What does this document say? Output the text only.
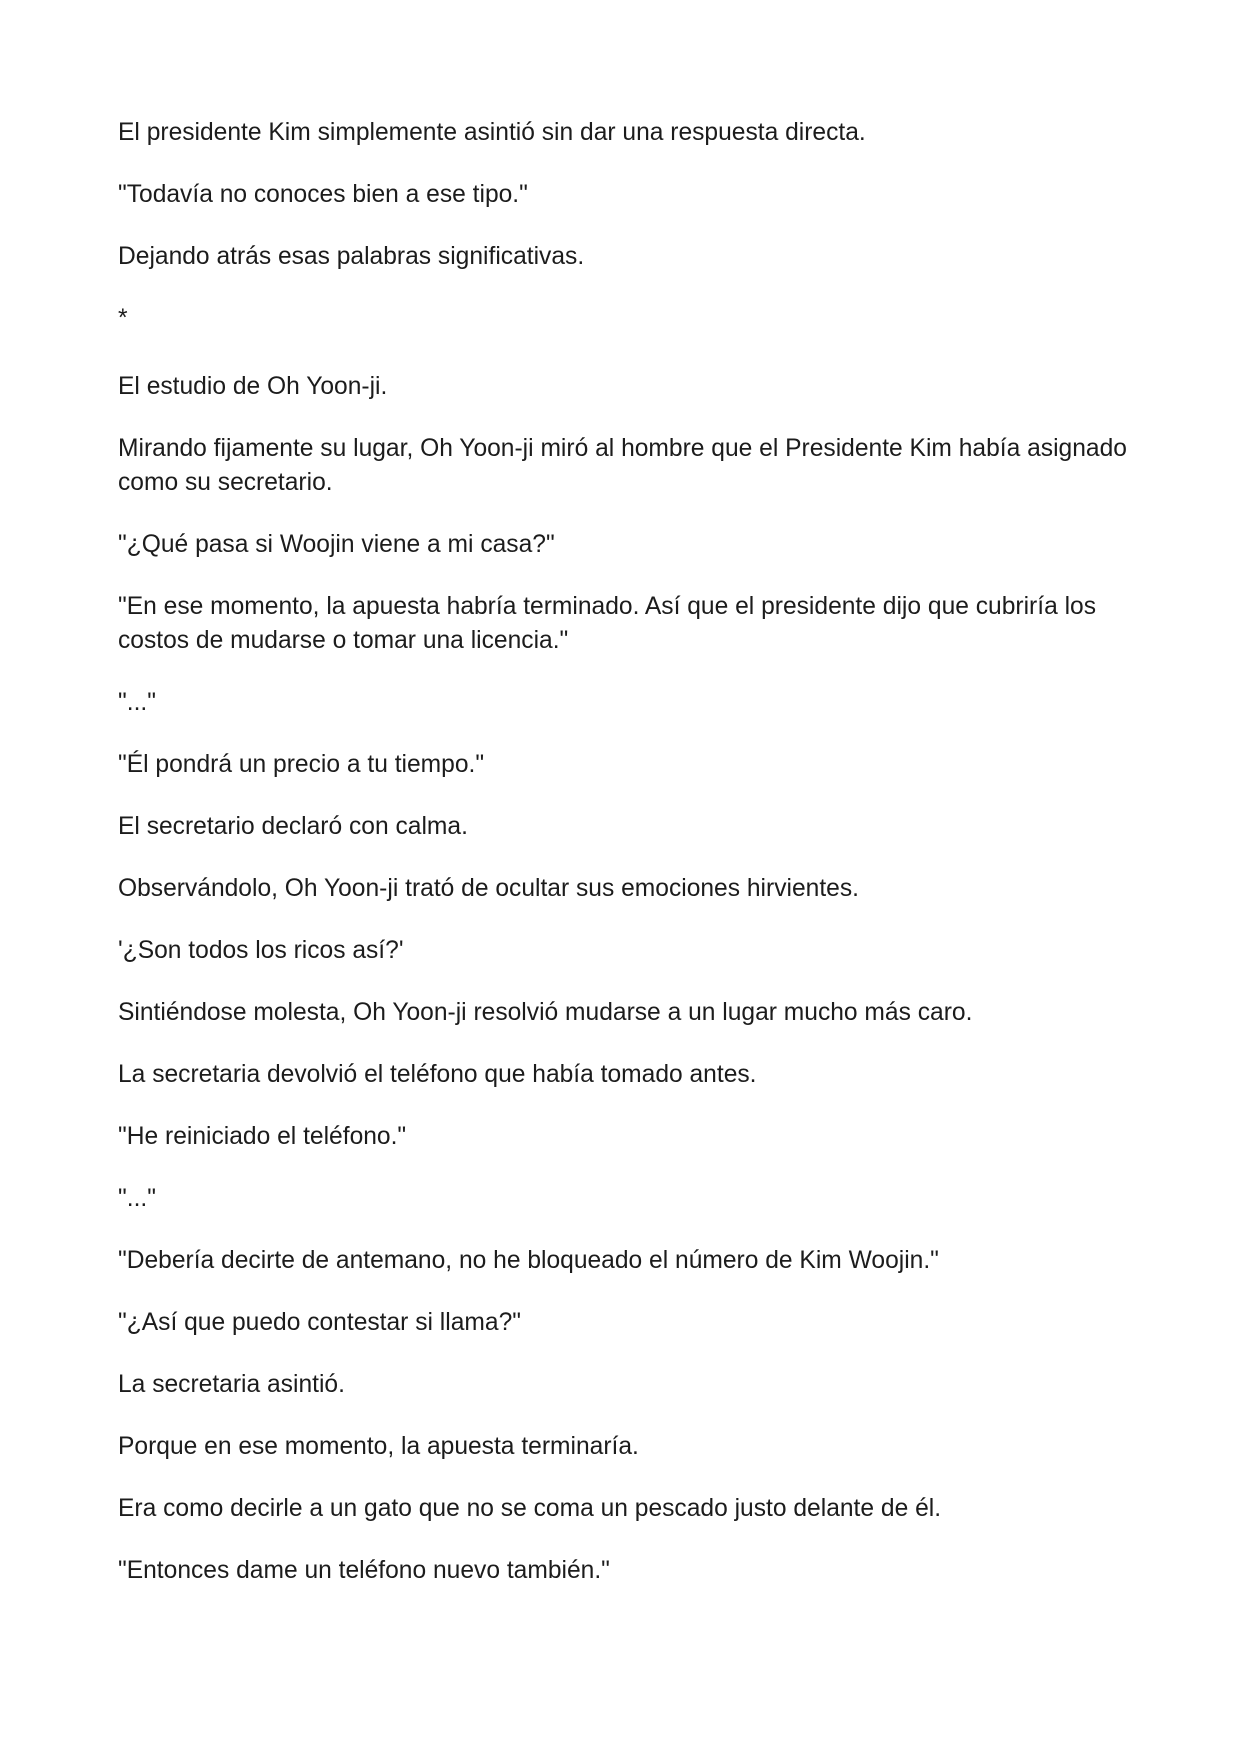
El presidente Kim simplemente asintió sin dar una respuesta directa.

"Todavía no conoces bien a ese tipo."

Dejando atrás esas palabras significativas.

*

El estudio de Oh Yoon-ji.

Mirando fijamente su lugar, Oh Yoon-ji miró al hombre que el Presidente Kim había asignado como su secretario.

"¿Qué pasa si Woojin viene a mi casa?"

"En ese momento, la apuesta habría terminado. Así que el presidente dijo que cubriría los costos de mudarse o tomar una licencia."

"..."

"Él pondrá un precio a tu tiempo."

El secretario declaró con calma.

Observándolo, Oh Yoon-ji trató de ocultar sus emociones hirvientes.

'¿Son todos los ricos así?'

Sintiéndose molesta, Oh Yoon-ji resolvió mudarse a un lugar mucho más caro.

La secretaria devolvió el teléfono que había tomado antes.

"He reiniciado el teléfono."

"..."

"Debería decirte de antemano, no he bloqueado el número de Kim Woojin."

"¿Así que puedo contestar si llama?"

La secretaria asintió.

Porque en ese momento, la apuesta terminaría.

Era como decirle a un gato que no se coma un pescado justo delante de él.

"Entonces dame un teléfono nuevo también."
